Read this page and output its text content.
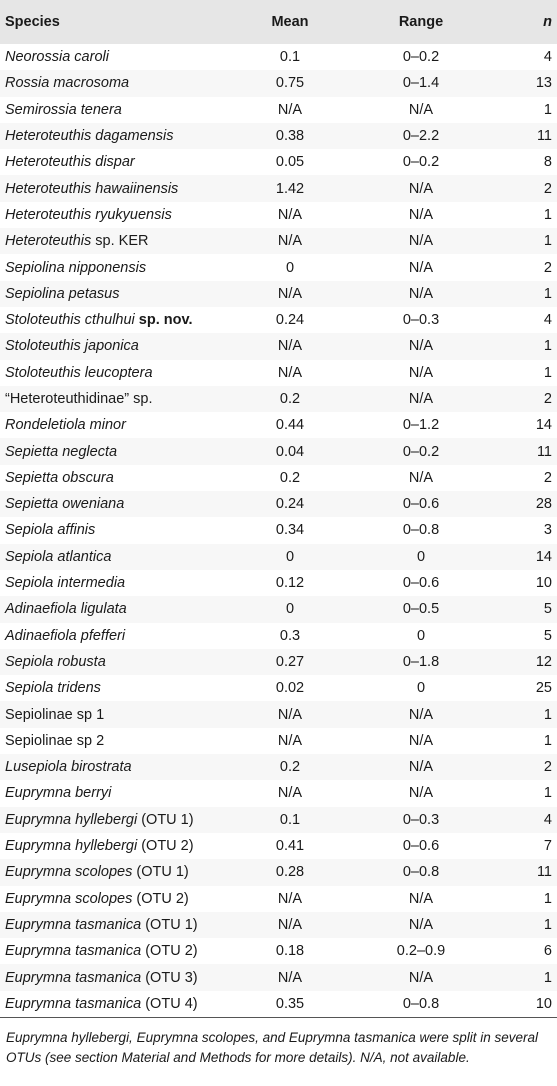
Species	Mean	Range	n
Neorossia caroli	0.1	0–0.2	4
Rossia macrosoma	0.75	0–1.4	13
Semirossia tenera	N/A	N/A	1
Heteroteuthis dagamensis	0.38	0–2.2	11
Heteroteuthis dispar	0.05	0–0.2	8
Heteroteuthis hawaiinensis	1.42	N/A	2
Heteroteuthis ryukyuensis	N/A	N/A	1
Heteroteuthis sp. KER	N/A	N/A	1
Sepiolina nipponensis	0	N/A	2
Sepiolina petasus	N/A	N/A	1
Stoloteuthis cthulhui sp. nov.	0.24	0–0.3	4
Stoloteuthis japonica	N/A	N/A	1
Stoloteuthis leucoptera	N/A	N/A	1
“Heteroteuthidinae” sp.	0.2	N/A	2
Rondeletiola minor	0.44	0–1.2	14
Sepietta neglecta	0.04	0–0.2	11
Sepietta obscura	0.2	N/A	2
Sepietta oweniana	0.24	0–0.6	28
Sepiola affinis	0.34	0–0.8	3
Sepiola atlantica	0	0	14
Sepiola intermedia	0.12	0–0.6	10
Adinaefiola ligulata	0	0–0.5	5
Adinaefiola pfefferi	0.3	0	5
Sepiola robusta	0.27	0–1.8	12
Sepiola tridens	0.02	0	25
Sepiolinae sp 1	N/A	N/A	1
Sepiolinae sp 2	N/A	N/A	1
Lusepiola birostrata	0.2	N/A	2
Euprymna berryi	N/A	N/A	1
Euprymna hyllebergi (OTU 1)	0.1	0–0.3	4
Euprymna hyllebergi (OTU 2)	0.41	0–0.6	7
Euprymna scolopes (OTU 1)	0.28	0–0.8	11
Euprymna scolopes (OTU 2)	N/A	N/A	1
Euprymna tasmanica (OTU 1)	N/A	N/A	1
Euprymna tasmanica (OTU 2)	0.18	0.2–0.9	6
Euprymna tasmanica (OTU 3)	N/A	N/A	1
Euprymna tasmanica (OTU 4)	0.35	0–0.8	10
Euprymna hyllebergi, Euprymna scolopes, and Euprymna tasmanica were split in several OTUs (see section Material and Methods for more details). N/A, not available.
